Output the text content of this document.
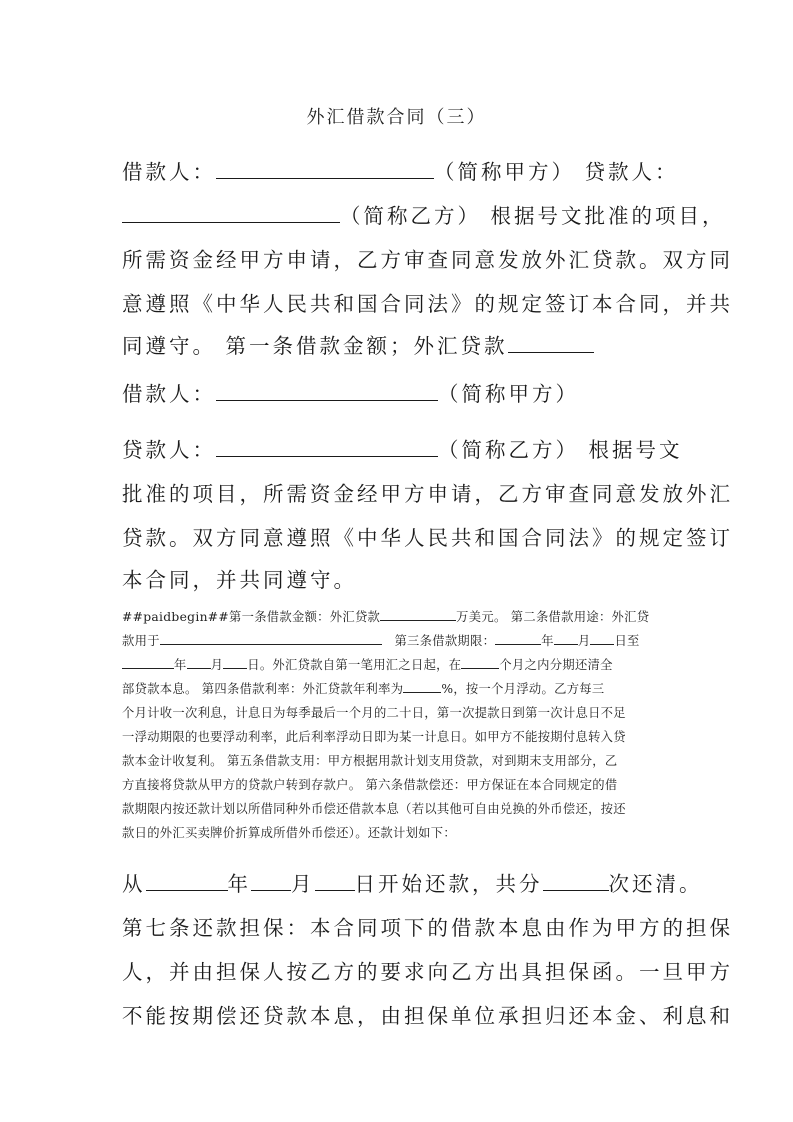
外汇借款合同（三）
借款人：	（简称甲方） 贷款人：
（简称乙方） 根据号文批准的项目，
所需资金经甲方申请，乙方审查同意发放外汇贷款。双方同
意遵照《中华人民共和国合同法》的规定签订本合同，并共
同遵守。 第一条借款金额；外汇贷款
借款人：	（简称甲方）
贷款人：	（简称乙方） 根据号文
批准的项目，所需资金经甲方申请，乙方审查同意发放外汇
贷款。双方同意遵照《中华人民共和国合同法》的规定签订
本合同，并共同遵守。
##paidbegin##第一条借款金额：外汇贷款	万美元。 第二条借款用途：外汇贷
款用于	第三条借款期限：	年 月 日至
年 月 日。外汇贷款自第一笔用汇之日起，在	个月之内分期还清全
部贷款本息。 第四条借款利率：外汇贷款年利率为	%，按一个月浮动。乙方每三
个月计收一次利息，计息日为每季最后一个月的二十日，第一次提款日到第一次计息日不足
一浮动期限的也要浮动利率，此后利率浮动日即为某一计息日。如甲方不能按期付息转入贷
款本金计收复利。 第五条借款支用：甲方根据用款计划支用贷款，对到期末支用部分，乙
方直接将贷款从甲方的贷款户转到存款户。 第六条借款偿还：甲方保证在本合同规定的借
款期限内按还款计划以所借同种外币偿还借款本息（若以其他可自由兑换的外币偿还，按还
款日的外汇买卖牌价折算成所借外币偿还）。还款计划如下：
从	年 月 日开始还款，共分	次还清。
第七条还款担保：本合同项下的借款本息由作为甲方的担保
人，并由担保人按乙方的要求向乙方出具担保函。一旦甲方
不能按期偿还贷款本息，由担保单位承担归还本金、利息和
